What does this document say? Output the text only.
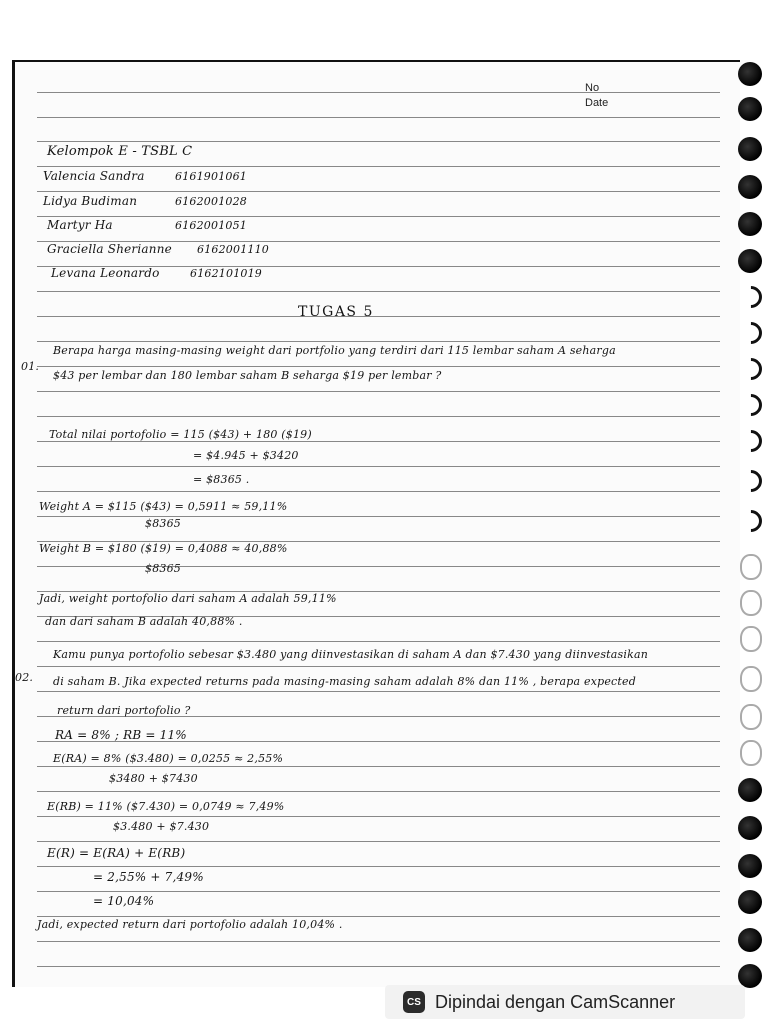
No
Date
Kelompok E - TSBL C
Valencia Sandra	6161901061
Lidya Budiman	6162001028
Martyr Ha	6162001051
Graciella Sherianne 6162001110
Levana Leonardo	6162101019
TUGAS 5
01.
Berapa harga masing-masing weight dari portfolio yang terdiri dari 115 lembar saham A seharga
$43 per lembar dan 180 lembar saham B seharga $19 per lembar ?
Total nilai portofolio = 115 ($43) + 180 ($19)
= $4.945 + $3420
= $8365 .
Weight A = $115 ($43) = 0,5911 ≈ 59,11%
$8365
Weight B = $180 ($19) = 0,4088 ≈ 40,88%
$8365
Jadi, weight portofolio dari saham A adalah 59,11%
dan dari saham B adalah 40,88% .
02.
Kamu punya portofolio sebesar $3.480 yang diinvestasikan di saham A dan $7.430 yang diinvestasikan
di saham B. Jika expected returns pada masing-masing saham adalah 8% dan 11% , berapa expected
return dari portofolio ?
RA = 8% ; RB = 11%
E(RA) = 8% ($3.480) = 0,0255 ≈ 2,55%
$3480 + $7430
E(RB) = 11% ($7.430) = 0,0749 ≈ 7,49%
$3.480 + $7.430
E(R) = E(RA) + E(RB)
= 2,55% + 7,49%
= 10,04%
Jadi, expected return dari portofolio adalah 10,04% .
CS Dipindai dengan CamScanner
